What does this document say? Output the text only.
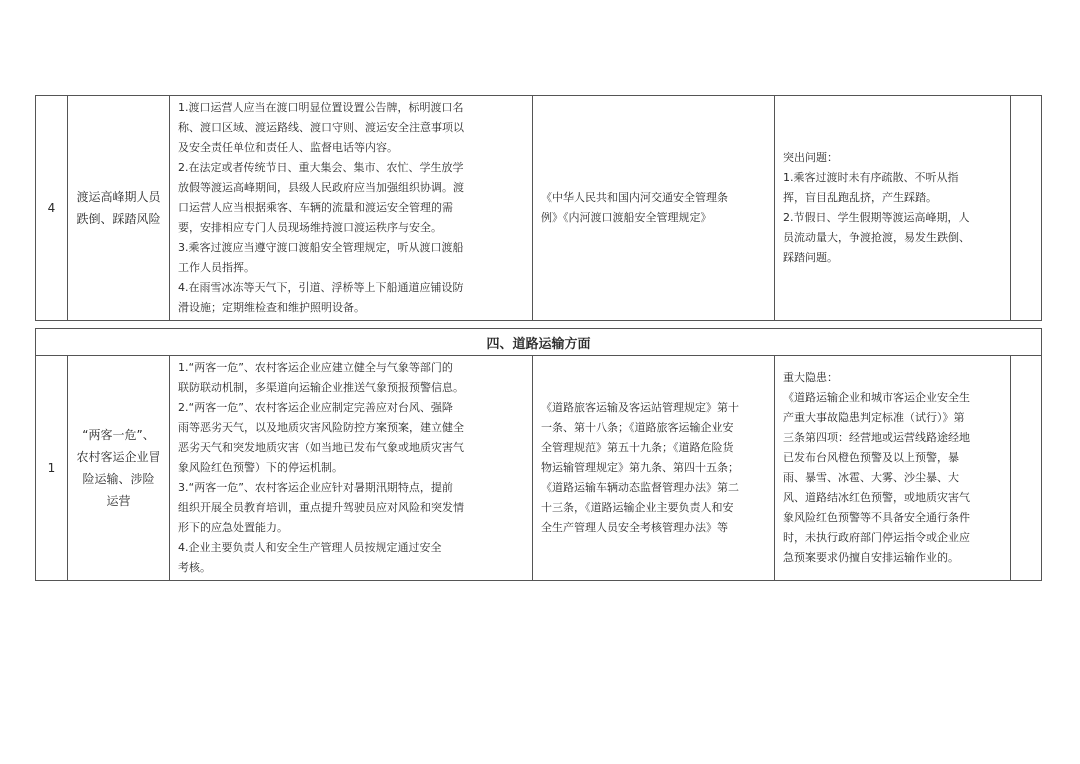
4	
渡运高峰期人员
跌倒、踩踏风险

1.渡口运营人应当在渡口明显位置设置公告牌，标明渡口名
称、渡口区域、渡运路线、渡口守则、渡运安全注意事项以
及安全责任单位和责任人、监督电话等内容。
2.在法定或者传统节日、重大集会、集市、农忙、学生放学
放假等渡运高峰期间，县级人民政府应当加强组织协调。渡
口运营人应当根据乘客、车辆的流量和渡运安全管理的需
要，安排相应专门人员现场维持渡口渡运秩序与安全。
3.乘客过渡应当遵守渡口渡船安全管理规定，听从渡口渡船
工作人员指挥。
4.在雨雪冰冻等天气下，引道、浮桥等上下船通道应铺设防
滑设施；定期维检查和维护照明设备。

《中华人民共和国内河交通安全管理条
例》《内河渡口渡船安全管理规定》

突出问题：
1.乘客过渡时未有序疏散、不听从指
挥，盲目乱跑乱挤，产生踩踏。
2.节假日、学生假期等渡运高峰期，人
员流动量大，争渡抢渡，易发生跌倒、
踩踏问题。

四、道路运输方面
1	
“两客一危”、
农村客运企业冒
险运输、涉险
运营

1.“两客一危”、农村客运企业应建立健全与气象等部门的
联防联动机制，多渠道向运输企业推送气象预报预警信息。
2.“两客一危”、农村客运企业应制定完善应对台风、强降
雨等恶劣天气，以及地质灾害风险防控方案预案，建立健全
恶劣天气和突发地质灾害（如当地已发布气象或地质灾害气
象风险红色预警）下的停运机制。
3.“两客一危”、农村客运企业应针对暑期汛期特点，提前
组织开展全员教育培训，重点提升驾驶员应对风险和突发情
形下的应急处置能力。
4.企业主要负责人和安全生产管理人员按规定通过安全
考核。

《道路旅客运输及客运站管理规定》第十
一条、第十八条；《道路旅客运输企业安
全管理规范》第五十九条；《道路危险货
物运输管理规定》第九条、第四十五条；
《道路运输车辆动态监督管理办法》第二
十三条，《道路运输企业主要负责人和安
全生产管理人员安全考核管理办法》等

重大隐患：
《道路运输企业和城市客运企业安全生
产重大事故隐患判定标准（试行）》第
三条第四项：经营地或运营线路途经地
已发布台风橙色预警及以上预警，暴
雨、暴雪、冰雹、大雾、沙尘暴、大
风、道路结冰红色预警，或地质灾害气
象风险红色预警等不具备安全通行条件
时，未执行政府部门停运指令或企业应
急预案要求仍擅自安排运输作业的。
